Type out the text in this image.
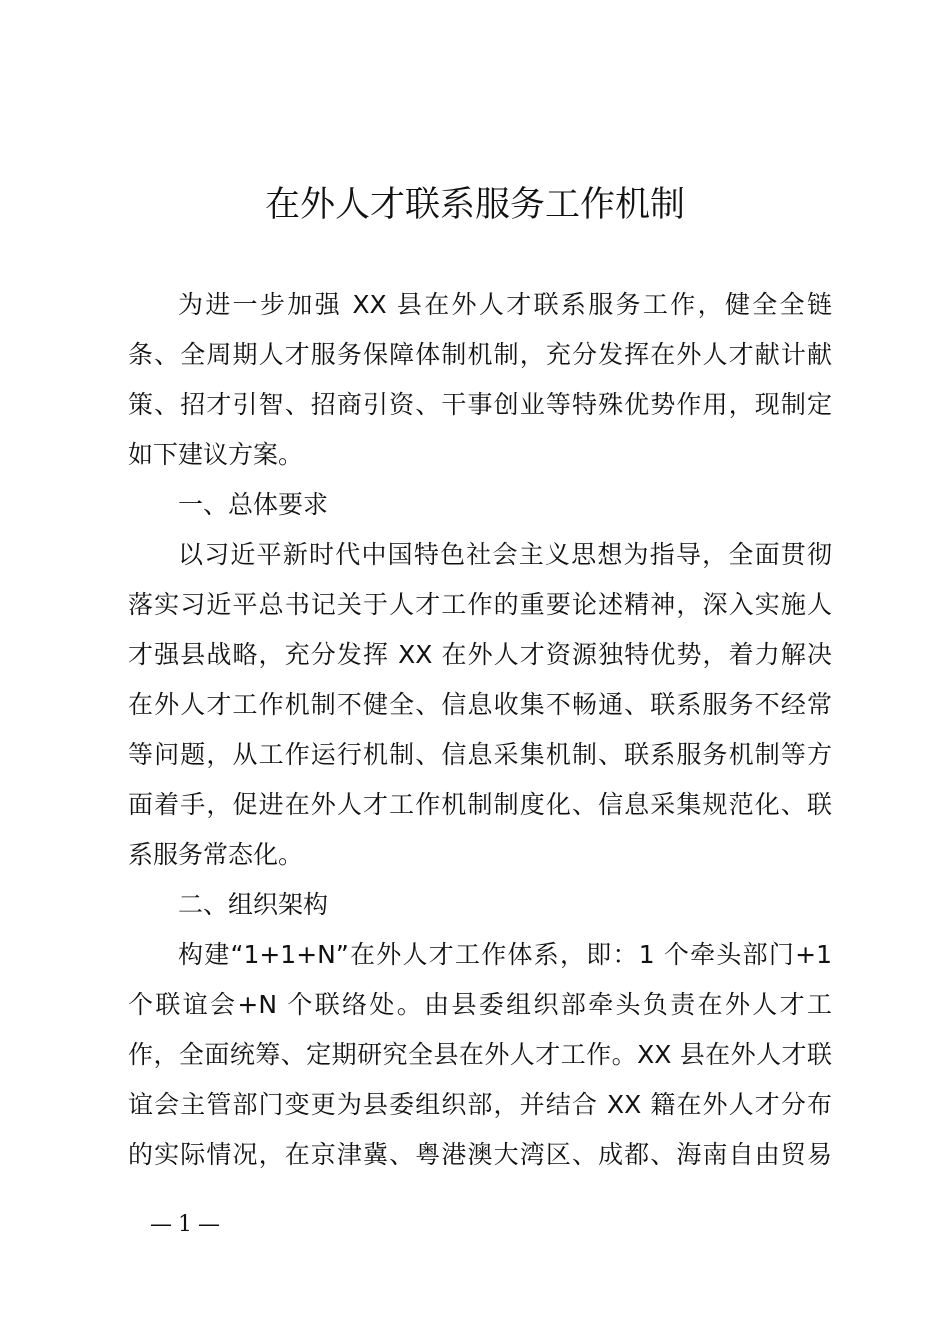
在外人才联系服务工作机制
为进一步加强 XX 县在外人才联系服务工作，健全全链
条、全周期人才服务保障体制机制，充分发挥在外人才献计献
策、招才引智、招商引资、干事创业等特殊优势作用，现制定
如下建议方案。
一、总体要求
以习近平新时代中国特色社会主义思想为指导，全面贯彻
落实习近平总书记关于人才工作的重要论述精神，深入实施人
才强县战略，充分发挥 XX 在外人才资源独特优势，着力解决
在外人才工作机制不健全、信息收集不畅通、联系服务不经常
等问题，从工作运行机制、信息采集机制、联系服务机制等方
面着手，促进在外人才工作机制制度化、信息采集规范化、联
系服务常态化。
二、组织架构
构建“1+1+N”在外人才工作体系，即：1 个牵头部门+1
个联谊会+N 个联络处。由县委组织部牵头负责在外人才工
作，全面统筹、定期研究全县在外人才工作。XX 县在外人才联
谊会主管部门变更为县委组织部，并结合 XX 籍在外人才分布
的实际情况，在京津冀、粤港澳大湾区、成都、海南自由贸易
—1—
